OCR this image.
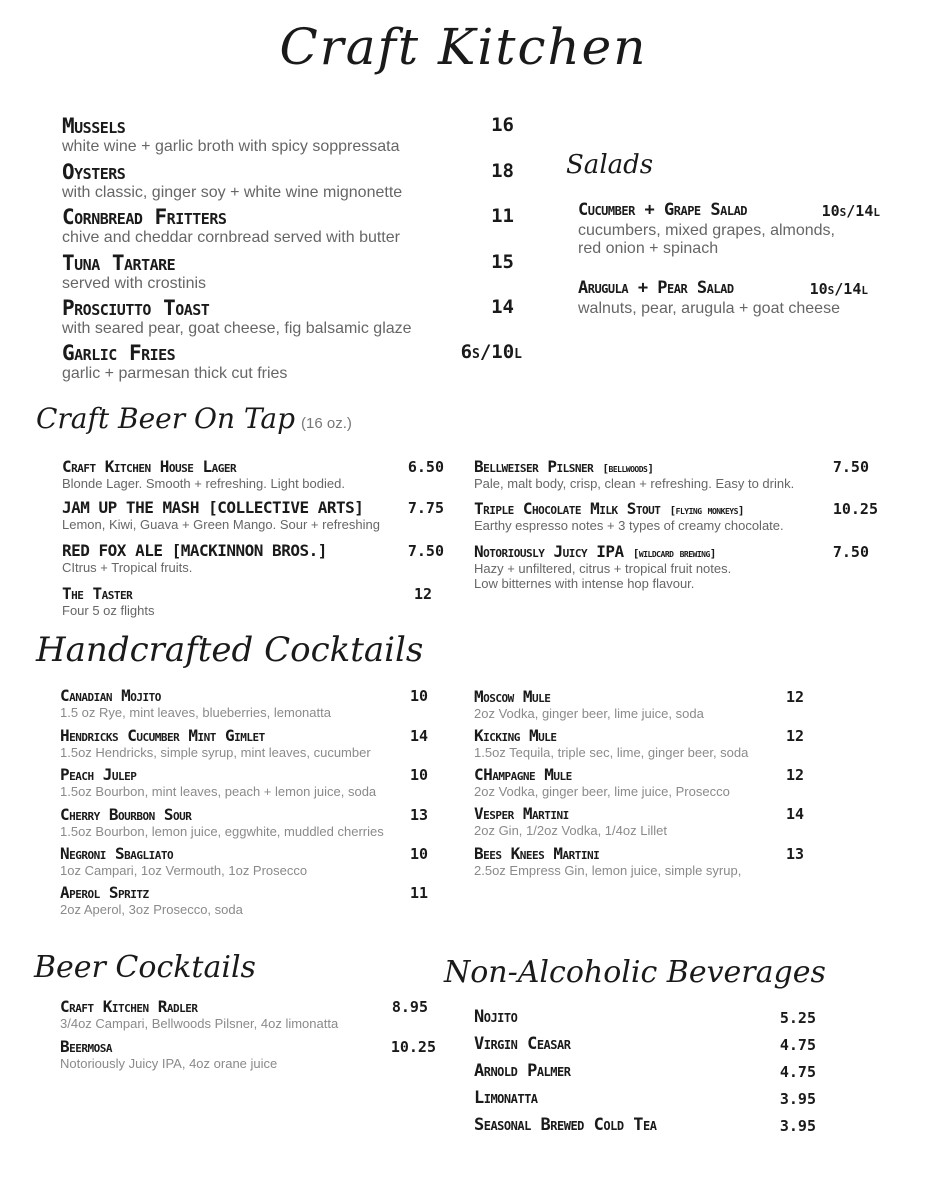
Craft Kitchen
Mussels
white wine + garlic broth with spicy soppressata
16
Oysters
with classic, ginger soy + white wine mignonette
18
Cornbread Fritters
chive and cheddar cornbread served with butter
11
Tuna Tartare
served with crostinis
15
Prosciutto Toast
with seared pear, goat cheese, fig balsamic glaze
14
Garlic Fries
garlic + parmesan thick cut fries
6s/10l
Salads
Cucumber + Grape Salad
cucumbers, mixed grapes, almonds,
red onion + spinach
10s/14l
Arugula + Pear Salad
walnuts, pear, arugula + goat cheese
10s/14l
Craft Beer On Tap (16 oz.)
Craft Kitchen House Lager
Blonde Lager. Smooth + refreshing. Light bodied.
6.50
JAM UP THE MASH [COLLECTIVE ARTS]
Lemon, Kiwi, Guava + Green Mango. Sour + refreshing
7.75
RED FOX ALE [MACKINNON BROS.]
CItrus + Tropical fruits.
7.50
The Taster
Four 5 oz flights
12
Bellweiser Pilsner [bellwoods]
Pale, malt body, crisp, clean + refreshing. Easy to drink.
7.50
Triple Chocolate Milk Stout [flying monkeys]
Earthy espresso notes + 3 types of creamy chocolate.
10.25
Notoriously Juicy IPA [wildcard brewing]
Hazy + unfiltered, citrus + tropical fruit notes.
Low bitternes with intense hop flavour.
7.50
Handcrafted Cocktails
Canadian Mojito
1.5 oz Rye, mint leaves, blueberries, lemonatta
10
Hendricks Cucumber Mint Gimlet
1.5oz Hendricks, simple syrup, mint leaves, cucumber
14
Peach Julep
1.5oz Bourbon, mint leaves, peach + lemon juice, soda
10
Cherry Bourbon Sour
1.5oz Bourbon, lemon juice, eggwhite, muddled cherries
13
Negroni Sbagliato
1oz Campari, 1oz Vermouth, 1oz Prosecco
10
Aperol Spritz
2oz Aperol, 3oz Prosecco, soda
11
Moscow Mule
2oz Vodka, ginger beer, lime juice, soda
12
Kicking Mule
1.5oz Tequila, triple sec, lime, ginger beer, soda
12
CHampagne Mule
2oz Vodka, ginger beer, lime juice, Prosecco
12
Vesper Martini
2oz Gin, 1/2oz Vodka, 1/4oz Lillet
14
Bees Knees Martini
2.5oz Empress Gin, lemon juice, simple syrup,
13
Beer Cocktails
Craft Kitchen Radler
3/4oz Campari, Bellwoods Pilsner, 4oz limonatta
8.95
Beermosa
Notoriously Juicy IPA, 4oz orane juice
10.25
Non-Alcoholic Beverages
Nojito	5.25
Virgin Ceasar	4.75
Arnold Palmer	4.75
Limonatta	3.95
Seasonal Brewed Cold Tea	3.95
